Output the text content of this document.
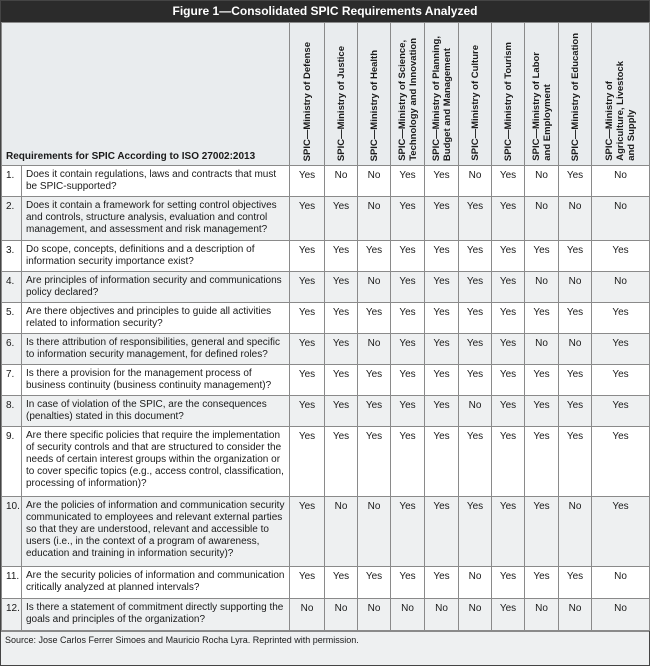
Figure 1—Consolidated SPIC Requirements Analyzed
Requirements for SPIC According to ISO 27002:2013		SPIC—Ministry of Defense	SPIC—Ministry of Justice	SPIC—Ministry of Health	SPIC—Ministry of Science,
Technology and Innovation	SPIC—Ministry of Planning,
Budget and Management	SPIC—Ministry of Culture	SPIC—Ministry of Tourism	SPIC—Ministry of Labor
and Employment	SPIC—Ministry of Education	SPIC—Ministry of
Agriculture, Livestock
and Supply

1.	Does it contain regulations, laws and contracts that must be SPIC-supported?	Yes	No	No	Yes	Yes	No	Yes	No	Yes	No
2.	Does it contain a framework for setting control objectives and controls, structure analysis, evaluation and control management, and assessment and risk management?	Yes	Yes	No	Yes	Yes	Yes	Yes	No	No	No
3.	Do scope, concepts, definitions and a description of information security importance exist?	Yes	Yes	Yes	Yes	Yes	Yes	Yes	Yes	Yes	Yes
4.	Are principles of information security and communications policy declared?	Yes	Yes	No	Yes	Yes	Yes	Yes	No	No	No
5.	Are there objectives and principles to guide all activities related to information security?	Yes	Yes	Yes	Yes	Yes	Yes	Yes	Yes	Yes	Yes
6.	Is there attribution of responsibilities, general and specific to information security management, for defined roles?	Yes	Yes	No	Yes	Yes	Yes	Yes	No	No	Yes
7.	Is there a provision for the management process of business continuity (business continuity management)?	Yes	Yes	Yes	Yes	Yes	Yes	Yes	Yes	Yes	Yes
8.	In case of violation of the SPIC, are the consequences (penalties) stated in this document?	Yes	Yes	Yes	Yes	Yes	No	Yes	Yes	Yes	Yes
9.	Are there specific policies that require the implementation of security controls and that are structured to consider the needs of certain interest groups within the organization or to cover specific topics (e.g., access control, classification, processing of information)?	Yes	Yes	Yes	Yes	Yes	Yes	Yes	Yes	Yes	Yes
10.	Are the policies of information and communication security communicated to employees and relevant external parties so that they are understood, relevant and accessible to users (i.e., in the context of a program of awareness, education and training in information security)?	Yes	No	No	Yes	Yes	Yes	Yes	Yes	No	Yes
11.	Are the security policies of information and communication critically analyzed at planned intervals?	Yes	Yes	Yes	Yes	Yes	No	Yes	Yes	Yes	No
12.	Is there a statement of commitment directly supporting the goals and principles of the organization?	No	No	No	No	No	No	Yes	No	No	No
Source: Jose Carlos Ferrer Simoes and Mauricio Rocha Lyra. Reprinted with permission.
